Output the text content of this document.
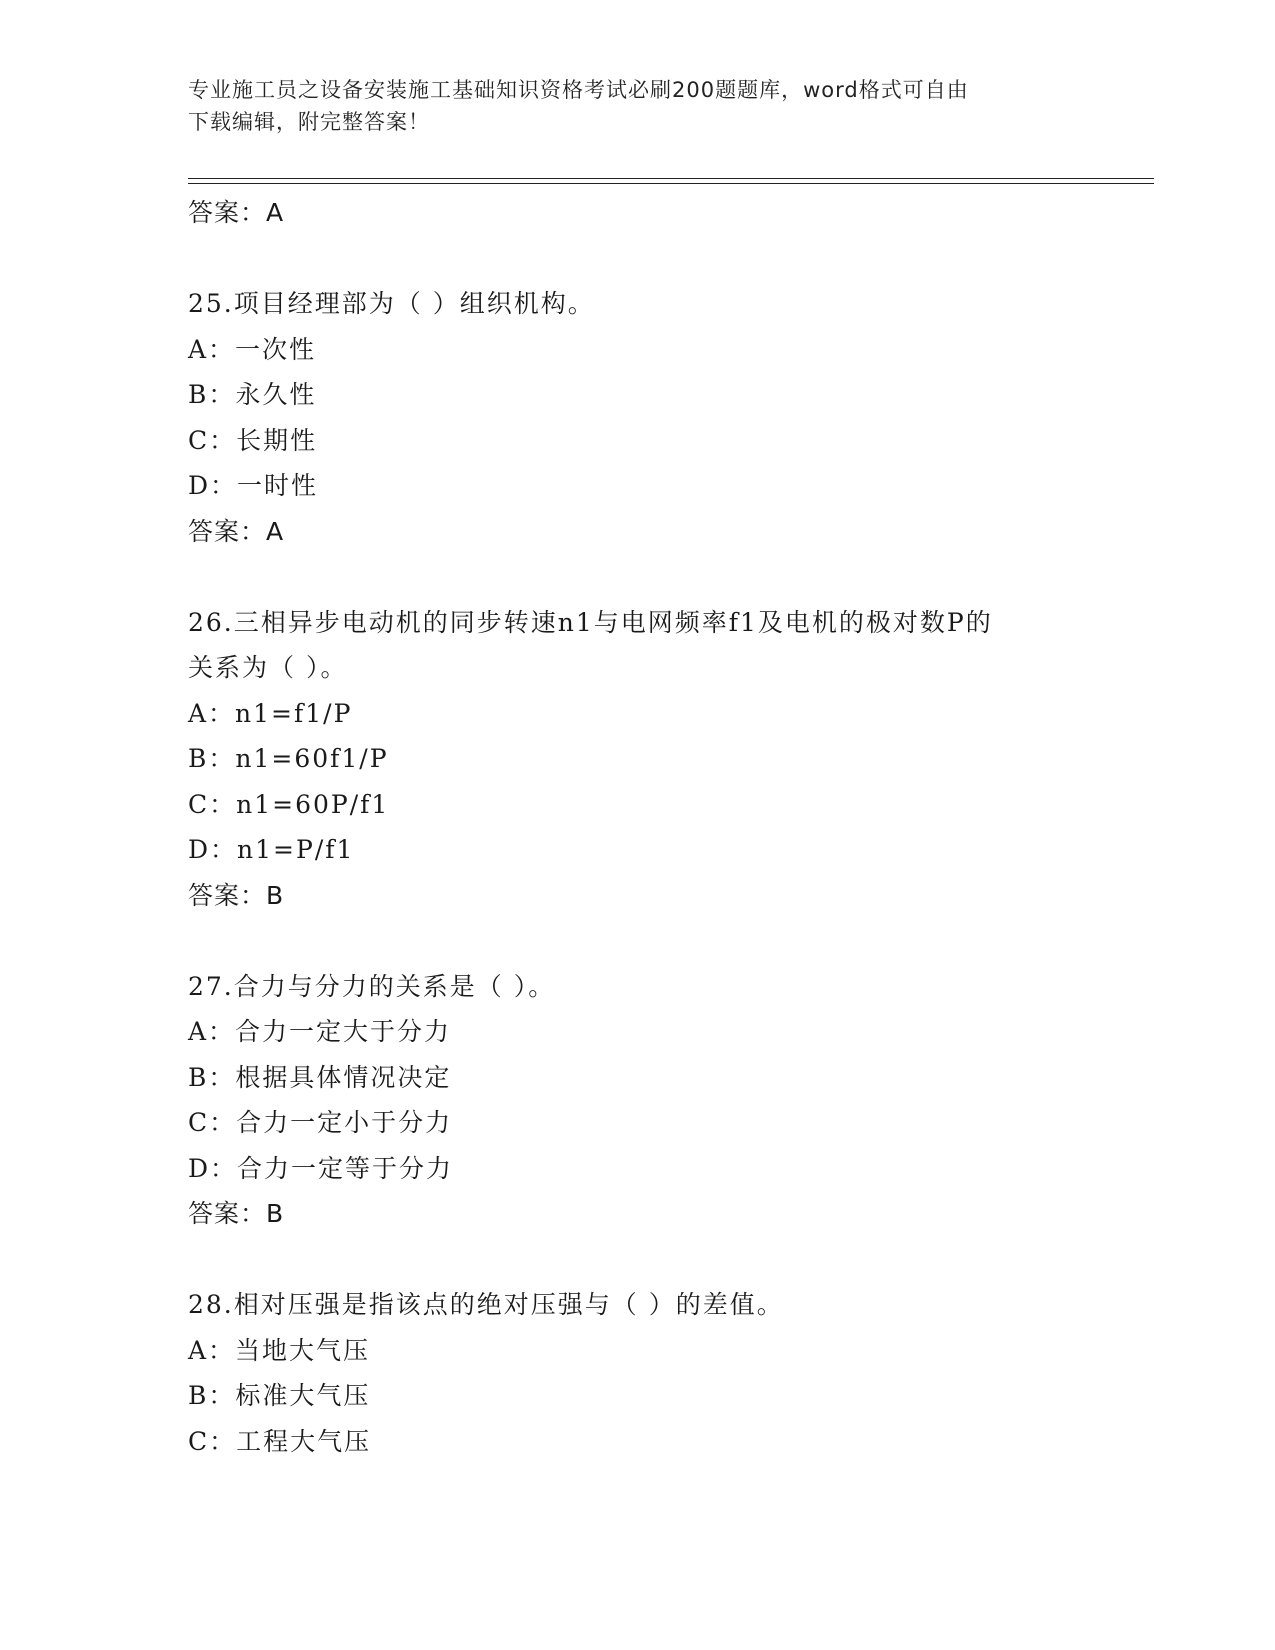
专业施工员之设备安装施工基础知识资格考试必刷200题题库，word格式可自由
下载编辑，附完整答案！
答案：A
25.项目经理部为（ ）组织机构。
A：一次性
B：永久性
C：长期性
D：一时性
答案：A
26.三相异步电动机的同步转速n1与电网频率f1及电机的极对数P的
关系为（ ）。
A：n1=f1/P
B：n1=60f1/P
C：n1=60P/f1
D：n1=P/f1
答案：B
27.合力与分力的关系是（ ）。
A：合力一定大于分力
B：根据具体情况决定
C：合力一定小于分力
D：合力一定等于分力
答案：B
28.相对压强是指该点的绝对压强与（ ）的差值。
A：当地大气压
B：标准大气压
C：工程大气压
